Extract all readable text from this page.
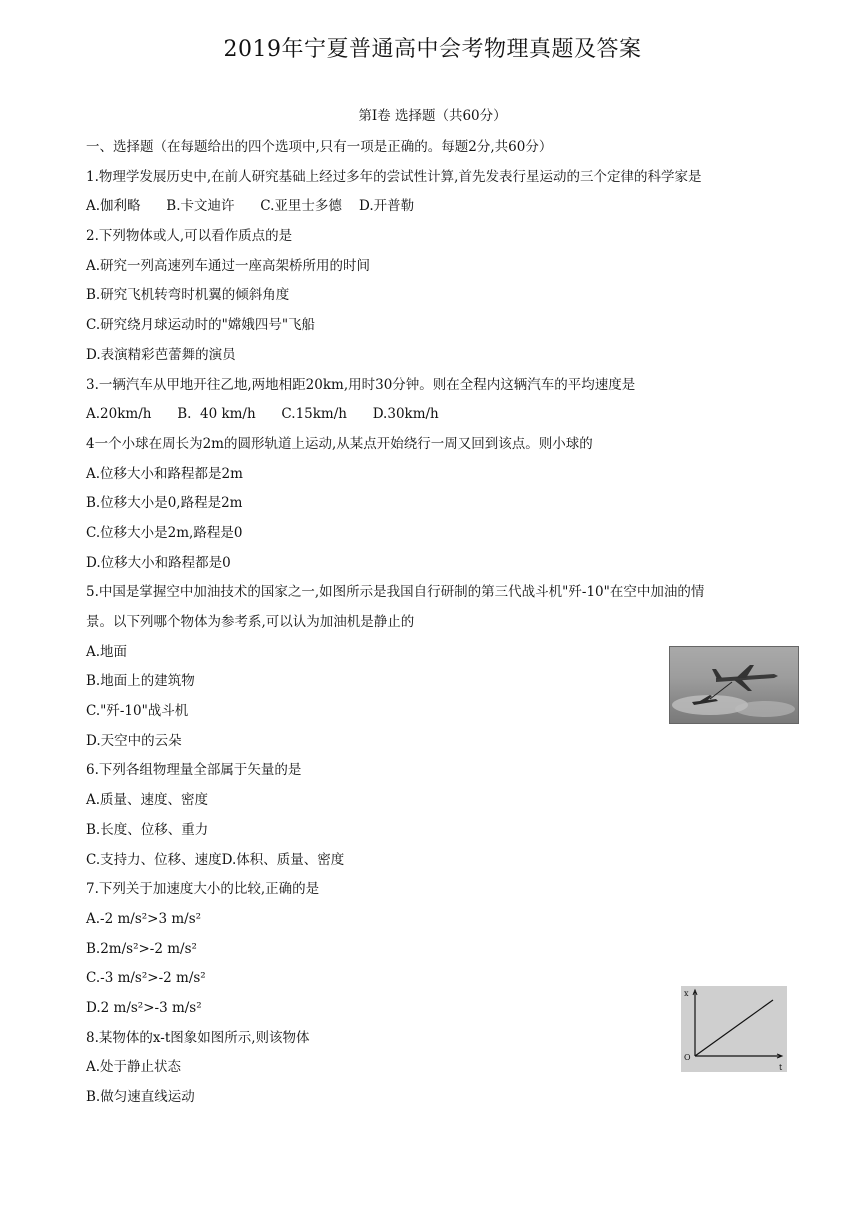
2019年宁夏普通高中会考物理真题及答案
第Ⅰ卷 选择题（共60分）
一、选择题（在每题给出的四个选项中,只有一项是正确的。每题2分,共60分）
1.物理学发展历史中,在前人研究基础上经过多年的尝试性计算,首先发表行星运动的三个定律的科学家是
A.伽利略      B.卡文迪许      C.亚里士多德    D.开普勒
2.下列物体或人,可以看作质点的是
A.研究一列高速列车通过一座高架桥所用的时间
B.研究飞机转弯时机翼的倾斜角度
C.研究绕月球运动时的"嫦娥四号"飞船
D.表演精彩芭蕾舞的演员
3.一辆汽车从甲地开往乙地,两地相距20km,用时30分钟。则在全程内这辆汽车的平均速度是
A.20km/h      B.  40 km/h      C.15km/h      D.30km/h
4一个小球在周长为2m的圆形轨道上运动,从某点开始绕行一周又回到该点。则小球的
A.位移大小和路程都是2m
B.位移大小是0,路程是2m
C.位移大小是2m,路程是0
D.位移大小和路程都是0
5.中国是掌握空中加油技术的国家之一,如图所示是我国自行研制的第三代战斗机"歼-10"在空中加油的情
景。以下列哪个物体为参考系,可以认为加油机是静止的
A.地面
B.地面上的建筑物
C."歼-10"战斗机
D.天空中的云朵
6.下列各组物理量全部属于矢量的是
A.质量、速度、密度
B.长度、位移、重力
C.支持力、位移、速度D.体积、质量、密度
7.下列关于加速度大小的比较,正确的是
A.-2 m/s²>3 m/s²
B.2m/s²>-2 m/s²
C.-3 m/s²>-2 m/s²
D.2 m/s²>-3 m/s²
8.某物体的x-t图象如图所示,则该物体
A.处于静止状态
B.做匀速直线运动
x
t
O
